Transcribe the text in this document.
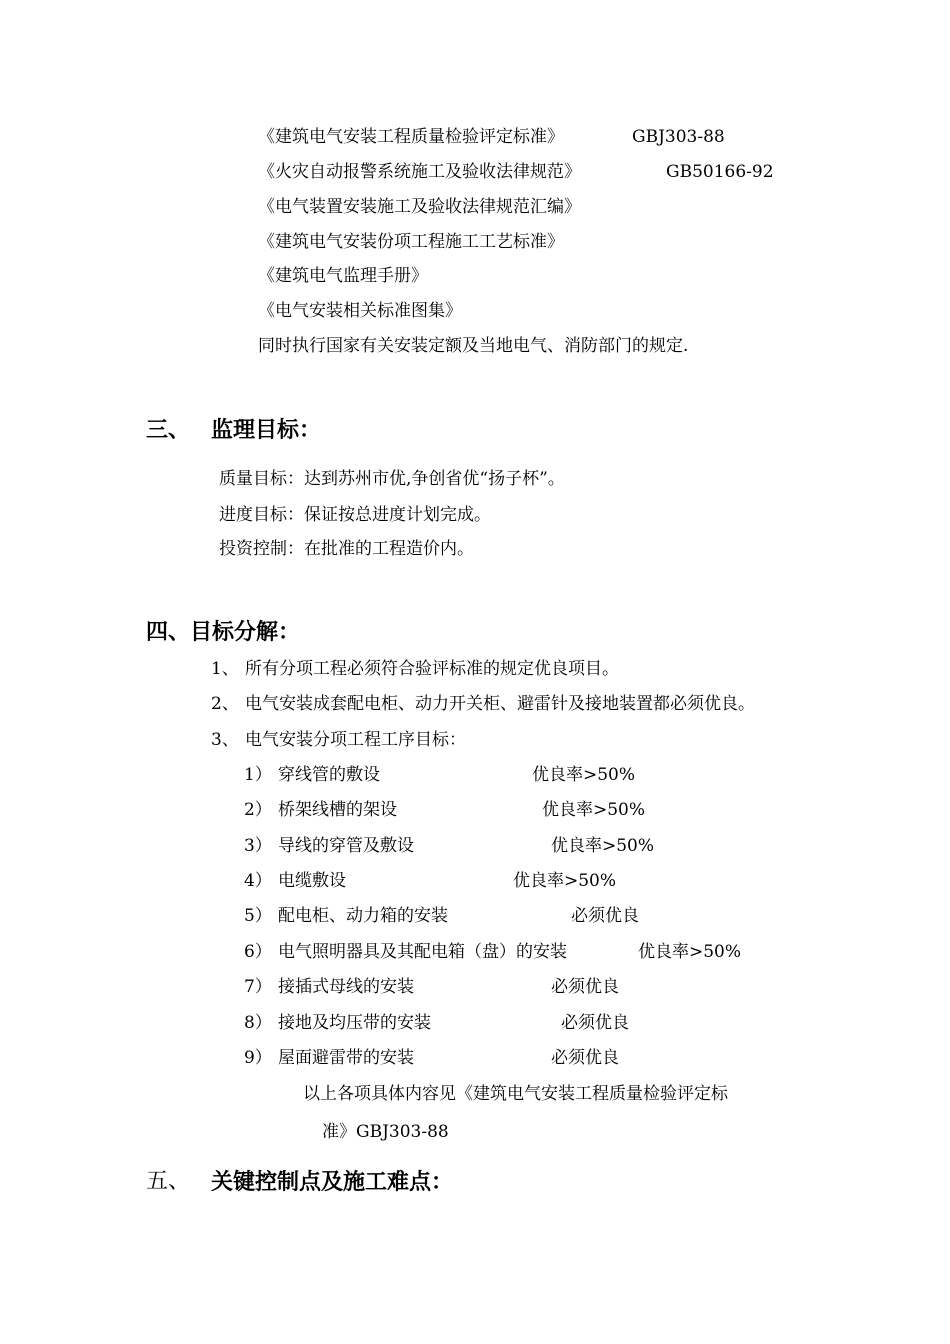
《建筑电气安装工程质量检验评定标准》	GBJ303-88
《火灾自动报警系统施工及验收法律规范》	GB50166-92
《电气装置安装施工及验收法律规范汇编》
《建筑电气安装份项工程施工工艺标准》
《建筑电气监理手册》
《电气安装相关标准图集》
同时执行国家有关安装定额及当地电气、消防部门的规定.
三、 监理目标：
质量目标：达到苏州市优,争创省优“扬子杯”。
进度目标：保证按总进度计划完成。
投资控制：在批准的工程造价内。
四、目标分解：
1、 所有分项工程必须符合验评标准的规定优良项目。
2、 电气安装成套配电柜、动力开关柜、避雷针及接地装置都必须优良。
3、 电气安装分项工程工序目标：
1） 穿线管的敷设	优良率>50%
2） 桥架线槽的架设	优良率>50%
3） 导线的穿管及敷设	优良率>50%
4） 电缆敷设	优良率>50%
5） 配电柜、动力箱的安装	必须优良
6） 电气照明器具及其配电箱（盘）的安装	优良率>50%
7） 接插式母线的安装	必须优良
8） 接地及均压带的安装	必须优良
9） 屋面避雷带的安装	必须优良
以上各项具体内容见《建筑电气安装工程质量检验评定标
准》GBJ303-88
五、 关键控制点及施工难点：
